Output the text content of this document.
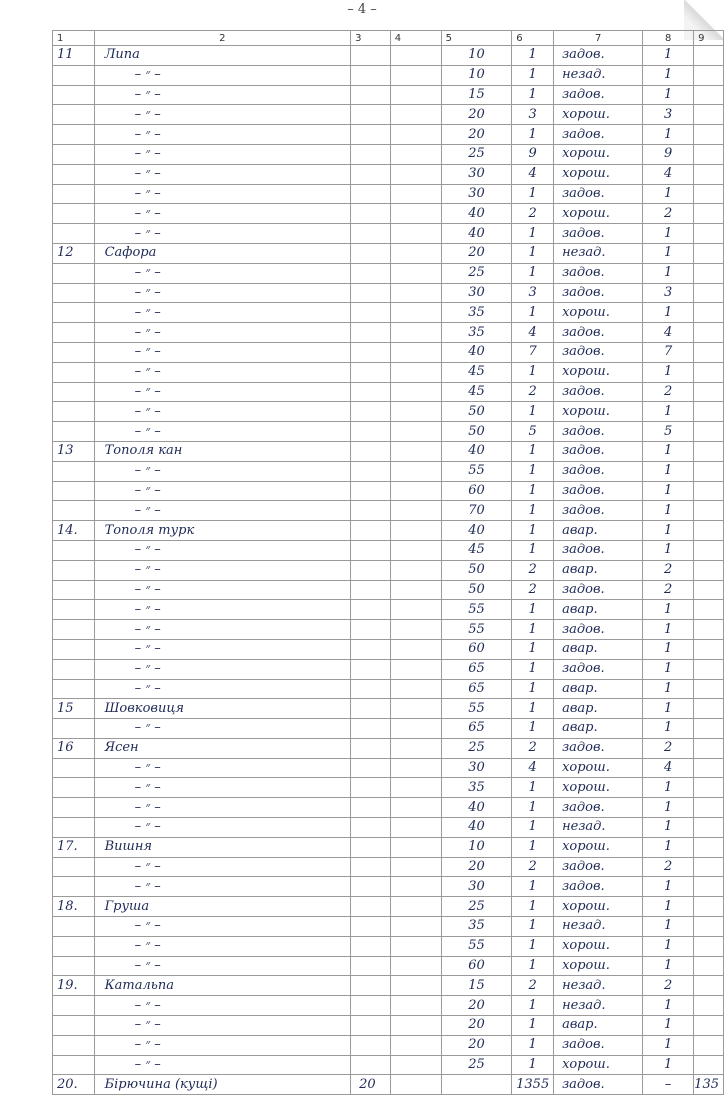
– 4 –
1	2	3	4	5	6	7	8	9
11	Липа			10	1	задов.	1	
	– ״ –			10	1	незад.	1	
	– ״ –			15	1	задов.	1	
	– ״ –			20	3	хорош.	3	
	– ״ –			20	1	задов.	1	
	– ״ –			25	9	хорош.	9	
	– ״ –			30	4	хорош.	4	
	– ״ –			30	1	задов.	1	
	– ״ –			40	2	хорош.	2	
	– ״ –			40	1	задов.	1	
12	Сафора			20	1	незад.	1	
	– ״ –			25	1	задов.	1	
	– ״ –			30	3	задов.	3	
	– ״ –			35	1	хорош.	1	
	– ״ –			35	4	задов.	4	
	– ״ –			40	7	задов.	7	
	– ״ –			45	1	хорош.	1	
	– ״ –			45	2	задов.	2	
	– ״ –			50	1	хорош.	1	
	– ״ –			50	5	задов.	5	
13	Тополя кан			40	1	задов.	1	
	– ״ –			55	1	задов.	1	
	– ״ –			60	1	задов.	1	
	– ״ –			70	1	задов.	1	
14.	Тополя турк			40	1	авар.	1	
	– ״ –			45	1	задов.	1	
	– ״ –			50	2	авар.	2	
	– ״ –			50	2	задов.	2	
	– ״ –			55	1	авар.	1	
	– ״ –			55	1	задов.	1	
	– ״ –			60	1	авар.	1	
	– ״ –			65	1	задов.	1	
	– ״ –			65	1	авар.	1	
15	Шовковиця			55	1	авар.	1	
	– ״ –			65	1	авар.	1	
16	Ясен			25	2	задов.	2	
	– ״ –			30	4	хорош.	4	
	– ״ –			35	1	хорош.	1	
	– ״ –			40	1	задов.	1	
	– ״ –			40	1	незад.	1	
17.	Вишня			10	1	хорош.	1	
	– ״ –			20	2	задов.	2	
	– ״ –			30	1	задов.	1	
18.	Груша			25	1	хорош.	1	
	– ״ –			35	1	незад.	1	
	– ״ –			55	1	хорош.	1	
	– ״ –			60	1	хорош.	1	
19.	Катальпа			15	2	незад.	2	
	– ״ –			20	1	незад.	1	
	– ״ –			20	1	авар.	1	
	– ״ –			20	1	задов.	1	
	– ״ –			25	1	хорош.	1	
20.	Бірючина (кущі)	20			1355	задов.	–	135
